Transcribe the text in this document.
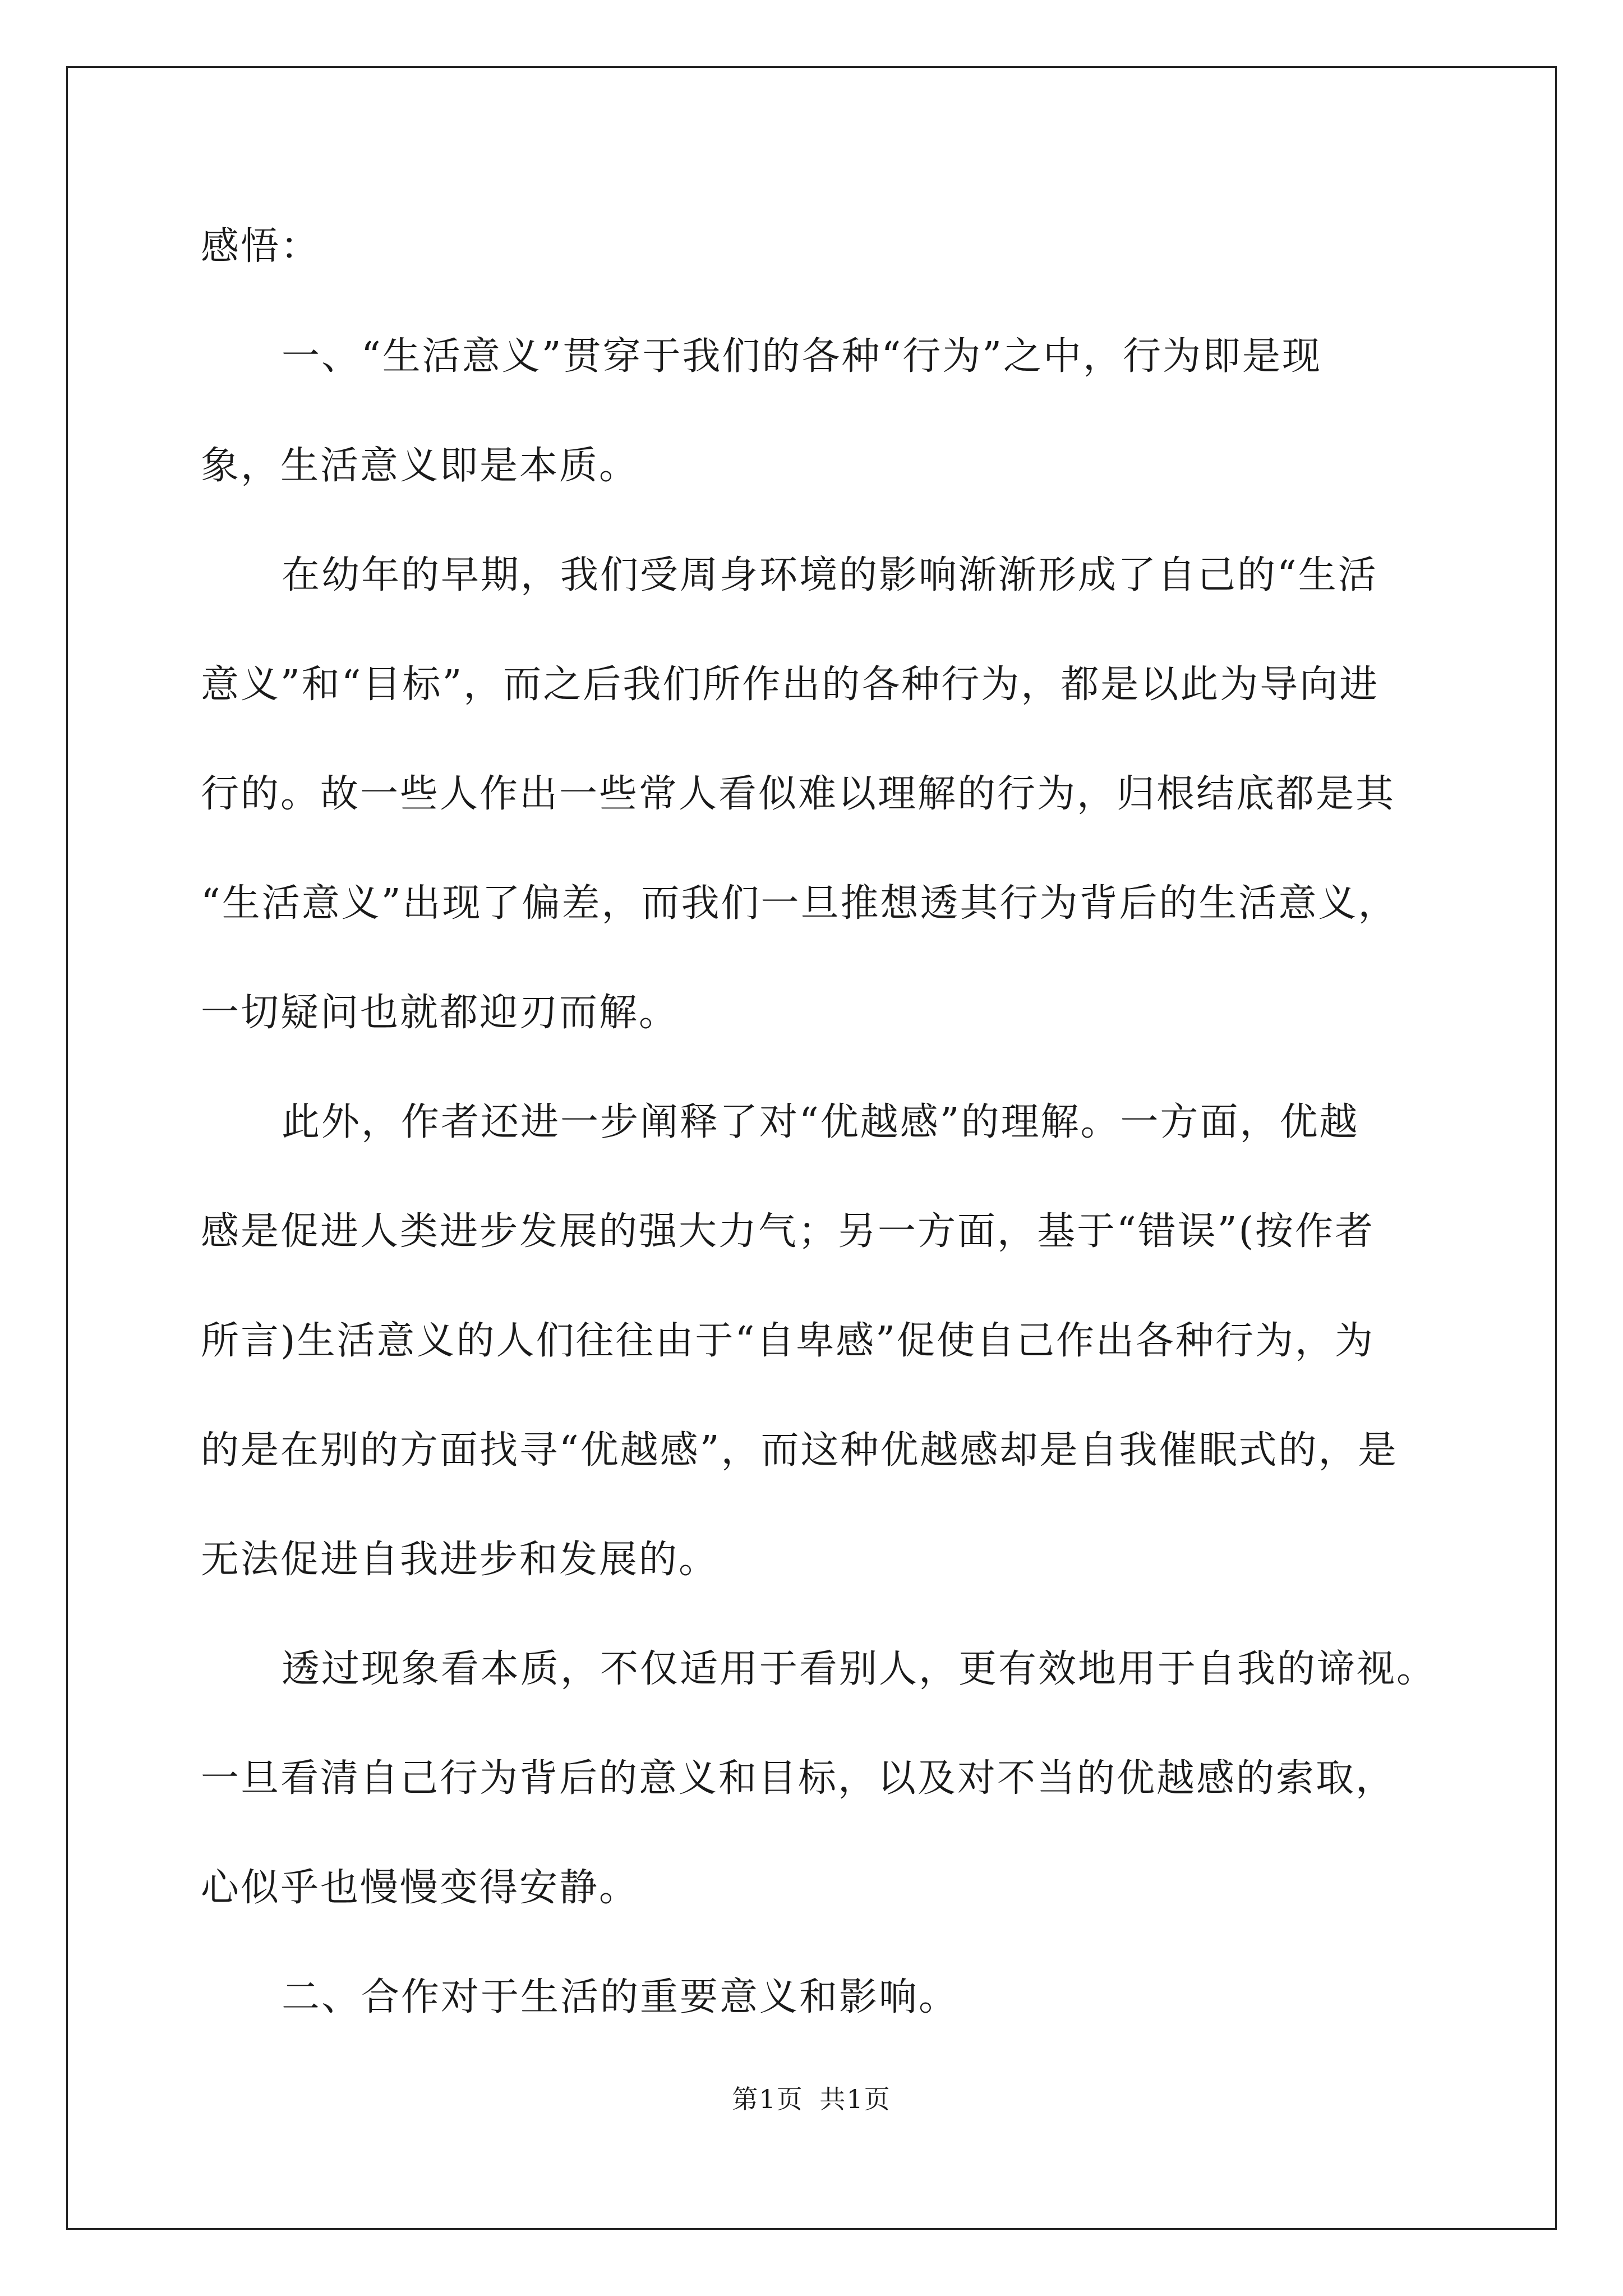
感悟：

一、“生活意义”贯穿于我们的各种“行为”之中，行为即是现

象，生活意义即是本质。

在幼年的早期，我们受周身环境的影响渐渐形成了自己的“生活

意义”和“目标”，而之后我们所作出的各种行为，都是以此为导向进

行的。故一些人作出一些常人看似难以理解的行为，归根结底都是其

“生活意义”出现了偏差，而我们一旦推想透其行为背后的生活意义，

一切疑问也就都迎刃而解。

此外，作者还进一步阐释了对“优越感”的理解。一方面，优越

感是促进人类进步发展的强大力气；另一方面，基于“错误”(按作者

所言)生活意义的人们往往由于“自卑感”促使自己作出各种行为，为

的是在别的方面找寻“优越感”，而这种优越感却是自我催眠式的，是

无法促进自我进步和发展的。

透过现象看本质，不仅适用于看别人，更有效地用于自我的谛视。

一旦看清自己行为背后的意义和目标，以及对不当的优越感的索取，

心似乎也慢慢变得安静。

二、合作对于生活的重要意义和影响。

第1页 共1页
